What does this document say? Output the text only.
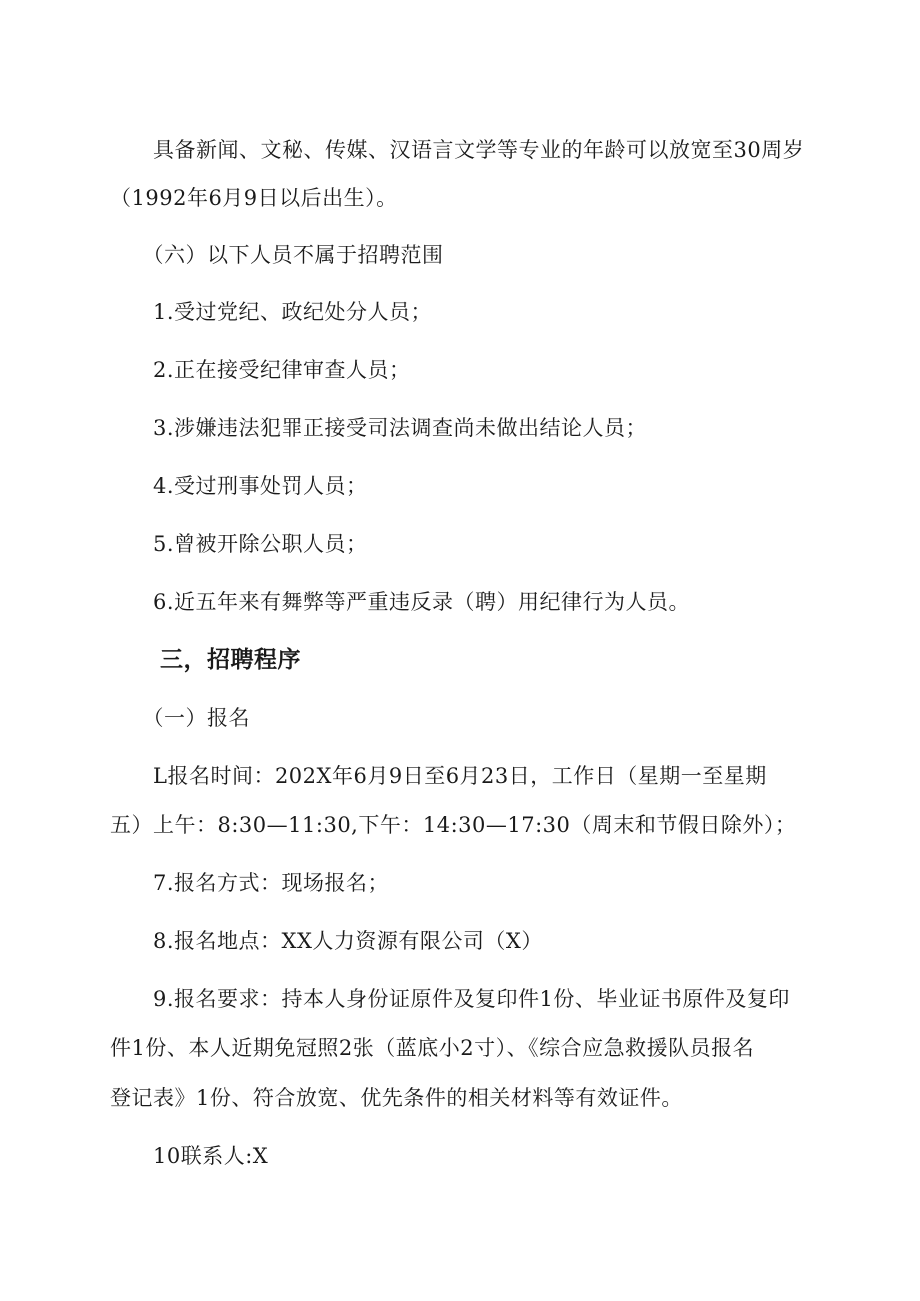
　　具备新闻、文秘、传媒、汉语言文学等专业的年龄可以放宽至30周岁
（1992年6月9日以后出生）。
　　（六）以下人员不属于招聘范围
　　1.受过党纪、政纪处分人员；
　　2.正在接受纪律审查人员；
　　3.涉嫌违法犯罪正接受司法调查尚未做出结论人员；
　　4.受过刑事处罚人员；
　　5.曾被开除公职人员；
　　6.近五年来有舞弊等严重违反录（聘）用纪律行为人员。
三，招聘程序
　　（一）报名
　　L报名时间：202X年6月9日至6月23日，工作日（星期一至星期
五）上午：8:30—11:30,下午：14:30—17:30（周末和节假日除外）；
　　7.报名方式：现场报名；
　　8.报名地点：XX人力资源有限公司（X）
　　9.报名要求：持本人身份证原件及复印件1份、毕业证书原件及复印
件1份、本人近期免冠照2张（蓝底小2寸）、《综合应急救援队员报名
登记表》1份、符合放宽、优先条件的相关材料等有效证件。
　　10联系人:X
